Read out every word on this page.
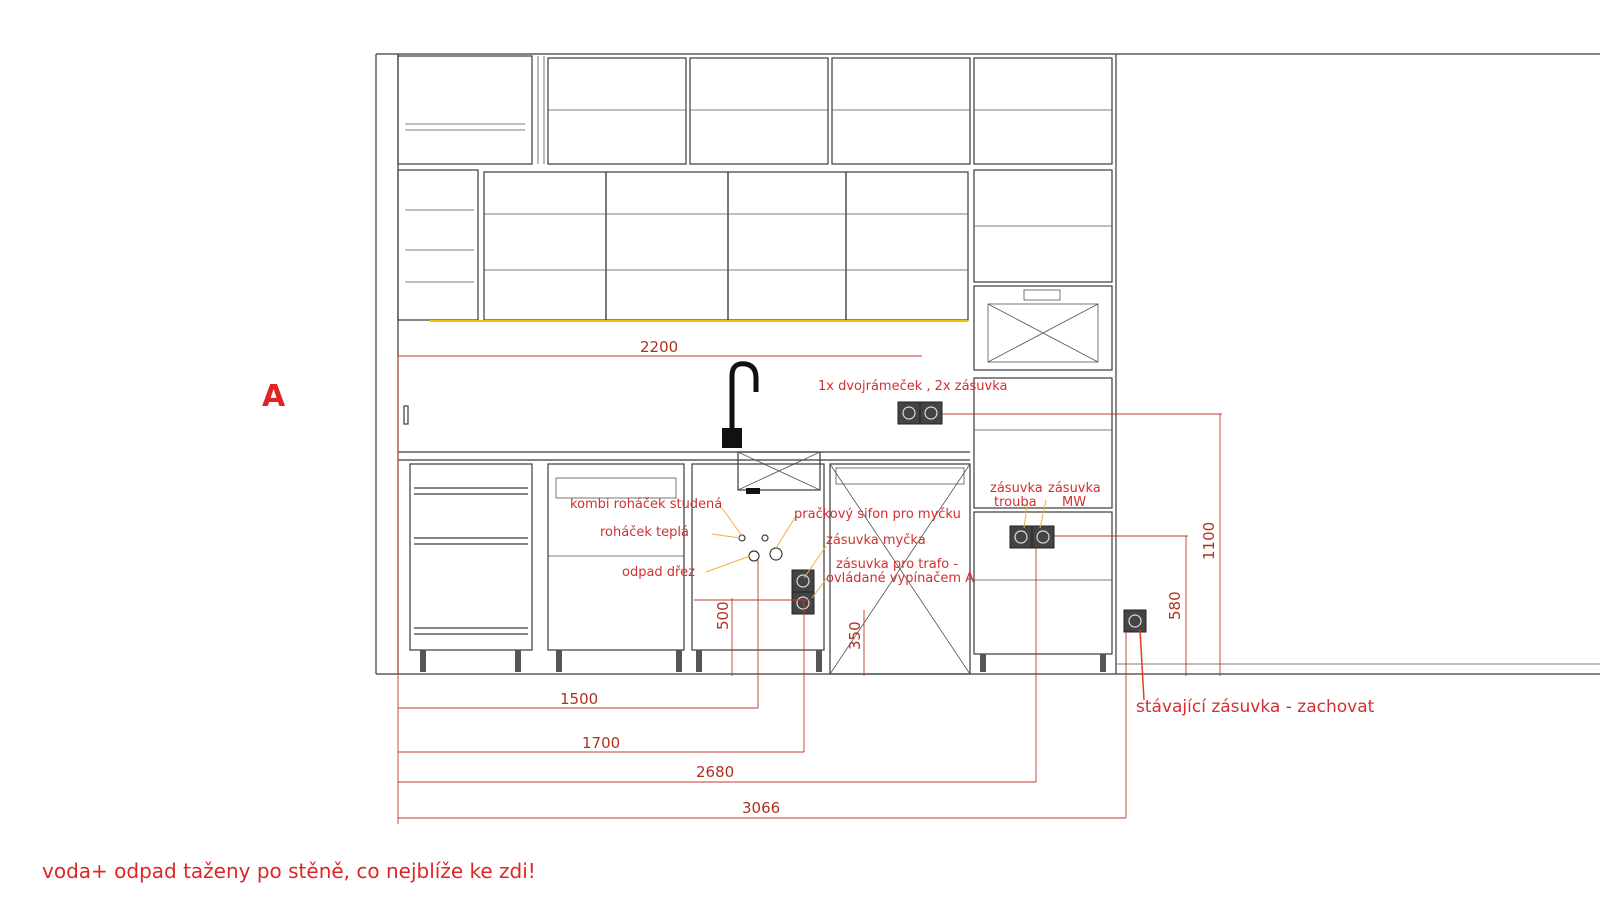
2200
1500
1700
2680
3066
1100
580
500
350
A	1x dvojrámeček , 2x zásuvka
kombi roháček studená
roháček teplá
odpad dřez
pračkový sifon pro myčku
zásuvka myčka
zásuvka pro trafo -
ovládané vypínačem A
zásuvka
trouba
zásuvka
MW
stávající zásuvka - zachovat
voda+ odpad taženy po stěně, co nejblíže ke zdi!
